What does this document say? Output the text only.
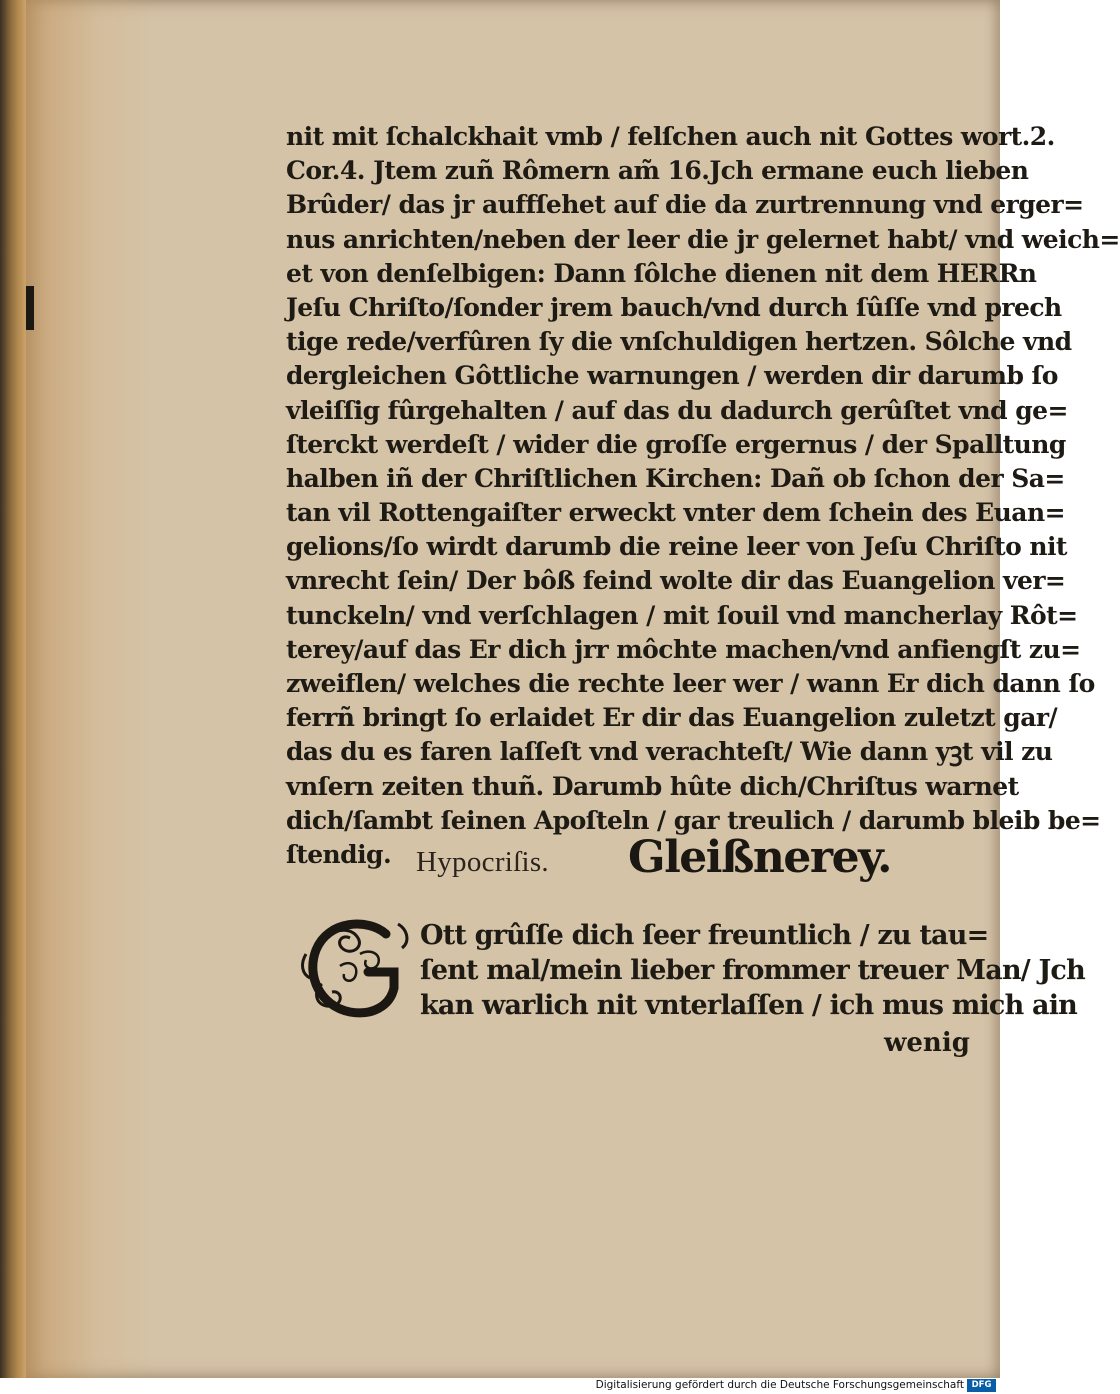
nit mit ſchalckhait vmb / felſchen auch nit Gottes wort.2.
Cor.4. Jtem zuñ Rômern am̃ 16.Jch ermane euch lieben
Brûder/ das jr auffſehet auf die da zurtrennung vnd erger=
nus anrichten/neben der leer die jr gelernet habt/ vnd weich=
et von denſelbigen: Dann ſôlche dienen nit dem HERRn
Jeſu Chriſto/ſonder jrem bauch/vnd durch ſûſſe vnd prech
tige rede/verfûren ſy die vnſchuldigen hertzen. Sôlche vnd
dergleichen Gôttliche warnungen / werden dir darumb ſo
vleiſſig fûrgehalten / auf das du dadurch gerûſtet vnd ge=
ſterckt werdeſt / wider die groſſe ergernus / der Spalltung
halben iñ der Chriſtlichen Kirchen: Dañ ob ſchon der Sa=
tan vil Rottengaiſter erweckt vnter dem ſchein des Euan=
gelions/ſo wirdt darumb die reine leer von Jeſu Chriſto nit
vnrecht ſein/ Der bôß feind wolte dir das Euangelion ver=
tunckeln/ vnd verſchlagen / mit ſouil vnd mancherlay Rôt=
terey/auf das Er dich jrr môchte machen/vnd anfiengſt zu=
zweiflen/ welches die rechte leer wer / wann Er dich dann ſo
ferrñ bringt ſo erlaidet Er dir das Euangelion zuletzt gar/
das du es faren laſſeſt vnd verachteſt/ Wie dann yꝫt vil zu
vnſern zeiten thuñ. Darumb hûte dich/Chriſtus warnet
dich/ſambt ſeinen Apoſteln / gar treulich / darumb bleib be=
ſtendig. Hypocriſis. Gleißnerey.
Ott grûſſe dich ſeer freuntlich / zu tau=
ſent mal/mein lieber frommer treuer Man/ Jch
kan warlich nit vnterlaſſen / ich mus mich ain
wenig
Digitalisierung gefördert durch die Deutsche Forschungsgemeinschaft DFG
